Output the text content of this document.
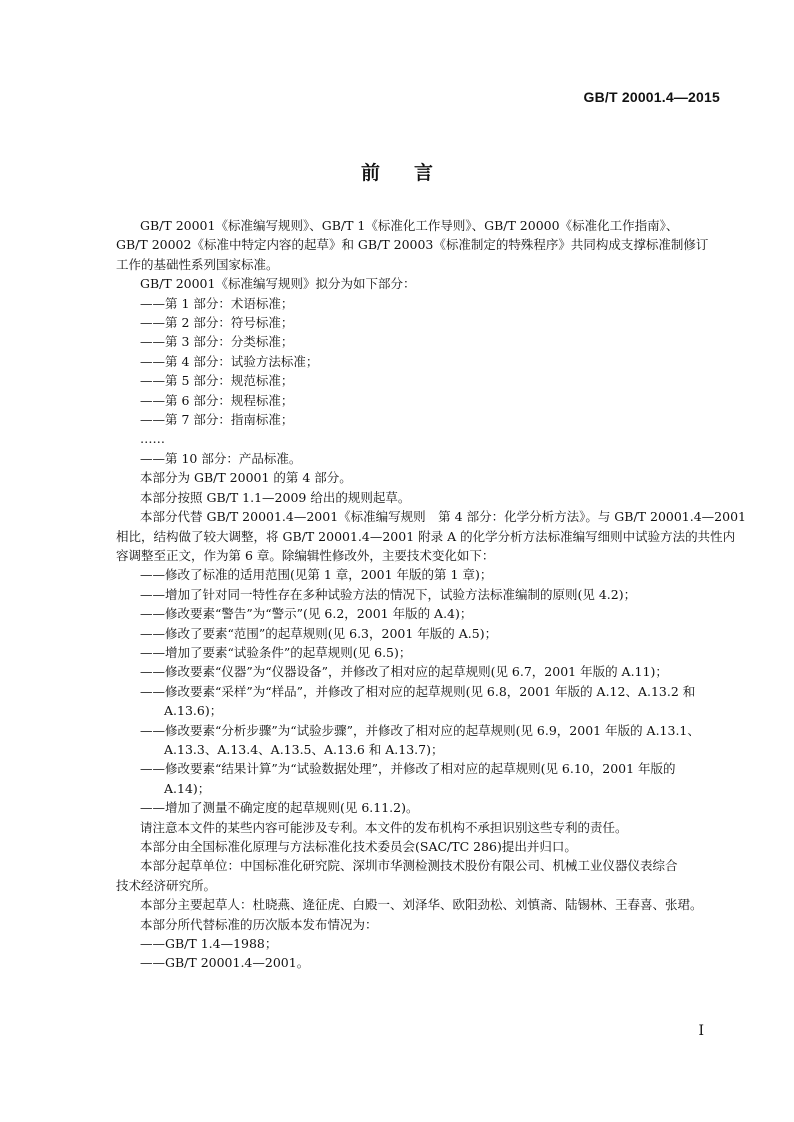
GB/T 20001.4—2015
前 言
GB/T 20001《标准编写规则》、GB/T 1《标准化工作导则》、GB/T 20000《标准化工作指南》、
GB/T 20002《标准中特定内容的起草》和 GB/T 20003《标准制定的特殊程序》共同构成支撑标准制修订
工作的基础性系列国家标准。
GB/T 20001《标准编写规则》拟分为如下部分：
——第 1 部分：术语标准；
——第 2 部分：符号标准；
——第 3 部分：分类标准；
——第 4 部分：试验方法标准；
——第 5 部分：规范标准；
——第 6 部分：规程标准；
——第 7 部分：指南标准；
……
——第 10 部分：产品标准。
本部分为 GB/T 20001 的第 4 部分。
本部分按照 GB/T 1.1—2009 给出的规则起草。
本部分代替 GB/T 20001.4—2001《标准编写规则　第 4 部分：化学分析方法》。与 GB/T 20001.4—2001
相比，结构做了较大调整，将 GB/T 20001.4—2001 附录 A 的化学分析方法标准编写细则中试验方法的共性内
容调整至正文，作为第 6 章。除编辑性修改外，主要技术变化如下：
——修改了标准的适用范围(见第 1 章，2001 年版的第 1 章)；
——增加了针对同一特性存在多种试验方法的情况下，试验方法标准编制的原则(见 4.2)；
——修改要素“警告”为“警示”(见 6.2，2001 年版的 A.4)；
——修改了要素“范围”的起草规则(见 6.3，2001 年版的 A.5)；
——增加了要素“试验条件”的起草规则(见 6.5)；
——修改要素“仪器”为“仪器设备”，并修改了相对应的起草规则(见 6.7，2001 年版的 A.11)；
——修改要素“采样”为“样品”，并修改了相对应的起草规则(见 6.8，2001 年版的 A.12、A.13.2 和
A.13.6)；
——修改要素“分析步骤”为“试验步骤”，并修改了相对应的起草规则(见 6.9，2001 年版的 A.13.1、
A.13.3、A.13.4、A.13.5、A.13.6 和 A.13.7)；
——修改要素“结果计算”为“试验数据处理”，并修改了相对应的起草规则(见 6.10，2001 年版的
A.14)；
——增加了测量不确定度的起草规则(见 6.11.2)。
请注意本文件的某些内容可能涉及专利。本文件的发布机构不承担识别这些专利的责任。
本部分由全国标准化原理与方法标准化技术委员会(SAC/TC 286)提出并归口。
本部分起草单位：中国标准化研究院、深圳市华测检测技术股份有限公司、机械工业仪器仪表综合
技术经济研究所。
本部分主要起草人：杜晓燕、逄征虎、白殿一、刘泽华、欧阳劲松、刘慎斋、陆锡林、王春喜、张珺。
本部分所代替标准的历次版本发布情况为：
——GB/T 1.4—1988；
——GB/T 20001.4—2001。
I
